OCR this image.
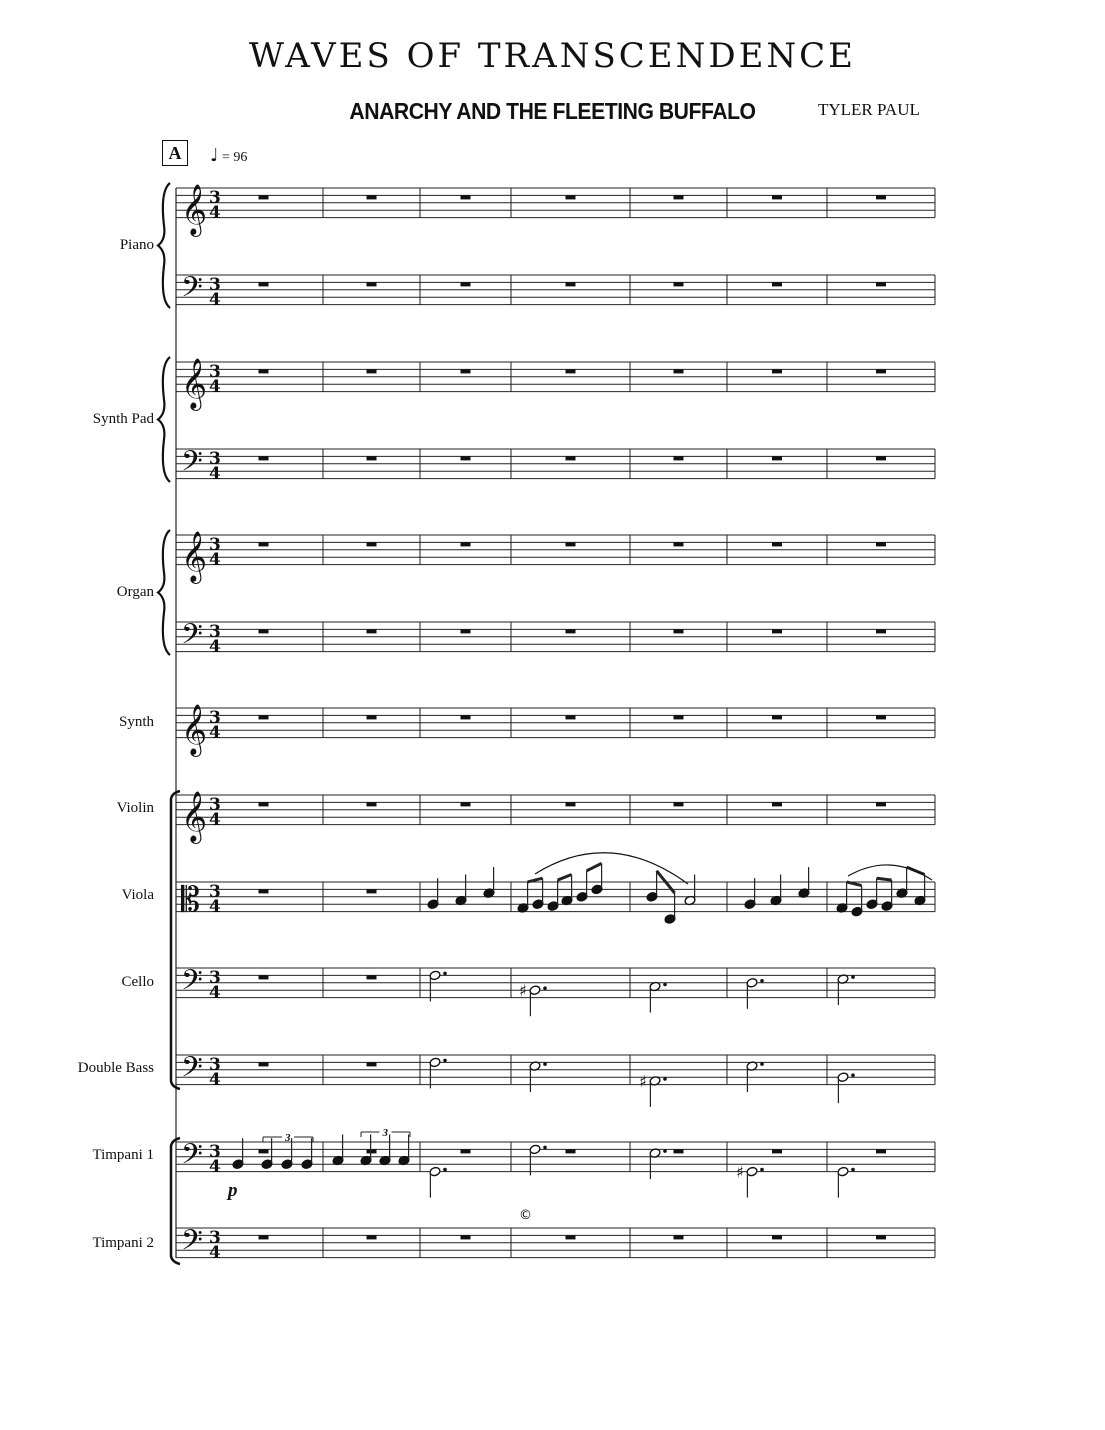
WAVES OF TRANSCENDENCE
ANARCHY AND THE FLEETING BUFFALO	TYLER PAUL
A	♩ = 96
Piano
Synth Pad
Organ
Synth
Violin
Viola
Cello
Double Bass
Timpani 1
Timpani 2
p
©
𝄞 3
4
𝄢 3
4
𝄞 3
4
𝄢 3
4
𝄞 3
4
𝄢 3
4
𝄞 3
4
𝄞 3
4
𝄡 3
4
𝄢 3
4
𝄢 3
4
𝄢 3
4
𝄢 3
4
♯
♯
♯
3	3
